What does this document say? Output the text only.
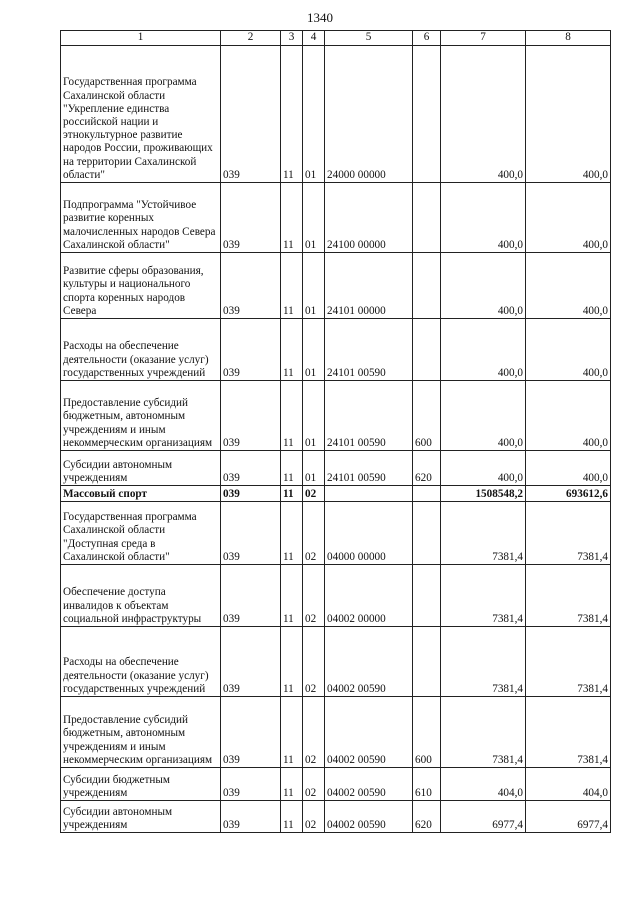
1340
1	2	3	4	5	6	7	8
Государственная программа Сахалинской области "Укрепление единства российской нации и этнокультурное развитие народов России, проживающих на территории Сахалинской области"	039	11	01	24000 00000		400,0	400,0
Подпрограмма "Устойчивое развитие коренных малочисленных народов Севера Сахалинской области"	039	11	01	24100 00000		400,0	400,0
Развитие сферы образования, культуры и национального спорта коренных народов Севера	039	11	01	24101 00000		400,0	400,0
Расходы на обеспечение деятельности (оказание услуг) государственных учреждений	039	11	01	24101 00590		400,0	400,0
Предоставление субсидий бюджетным, автономным учреждениям и иным некоммерческим организациям	039	11	01	24101 00590	600	400,0	400,0
Субсидии автономным учреждениям	039	11	01	24101 00590	620	400,0	400,0
Массовый спорт	039	11	02			1508548,2	693612,6
Государственная программа Сахалинской области "Доступная среда в Сахалинской области"	039	11	02	04000 00000		7381,4	7381,4
Обеспечение доступа инвалидов к объектам социальной инфраструктуры	039	11	02	04002 00000		7381,4	7381,4
Расходы на обеспечение деятельности (оказание услуг) государственных учреждений	039	11	02	04002 00590		7381,4	7381,4
Предоставление субсидий бюджетным, автономным учреждениям и иным некоммерческим организациям	039	11	02	04002 00590	600	7381,4	7381,4
Субсидии бюджетным учреждениям	039	11	02	04002 00590	610	404,0	404,0
Субсидии автономным учреждениям	039	11	02	04002 00590	620	6977,4	6977,4
